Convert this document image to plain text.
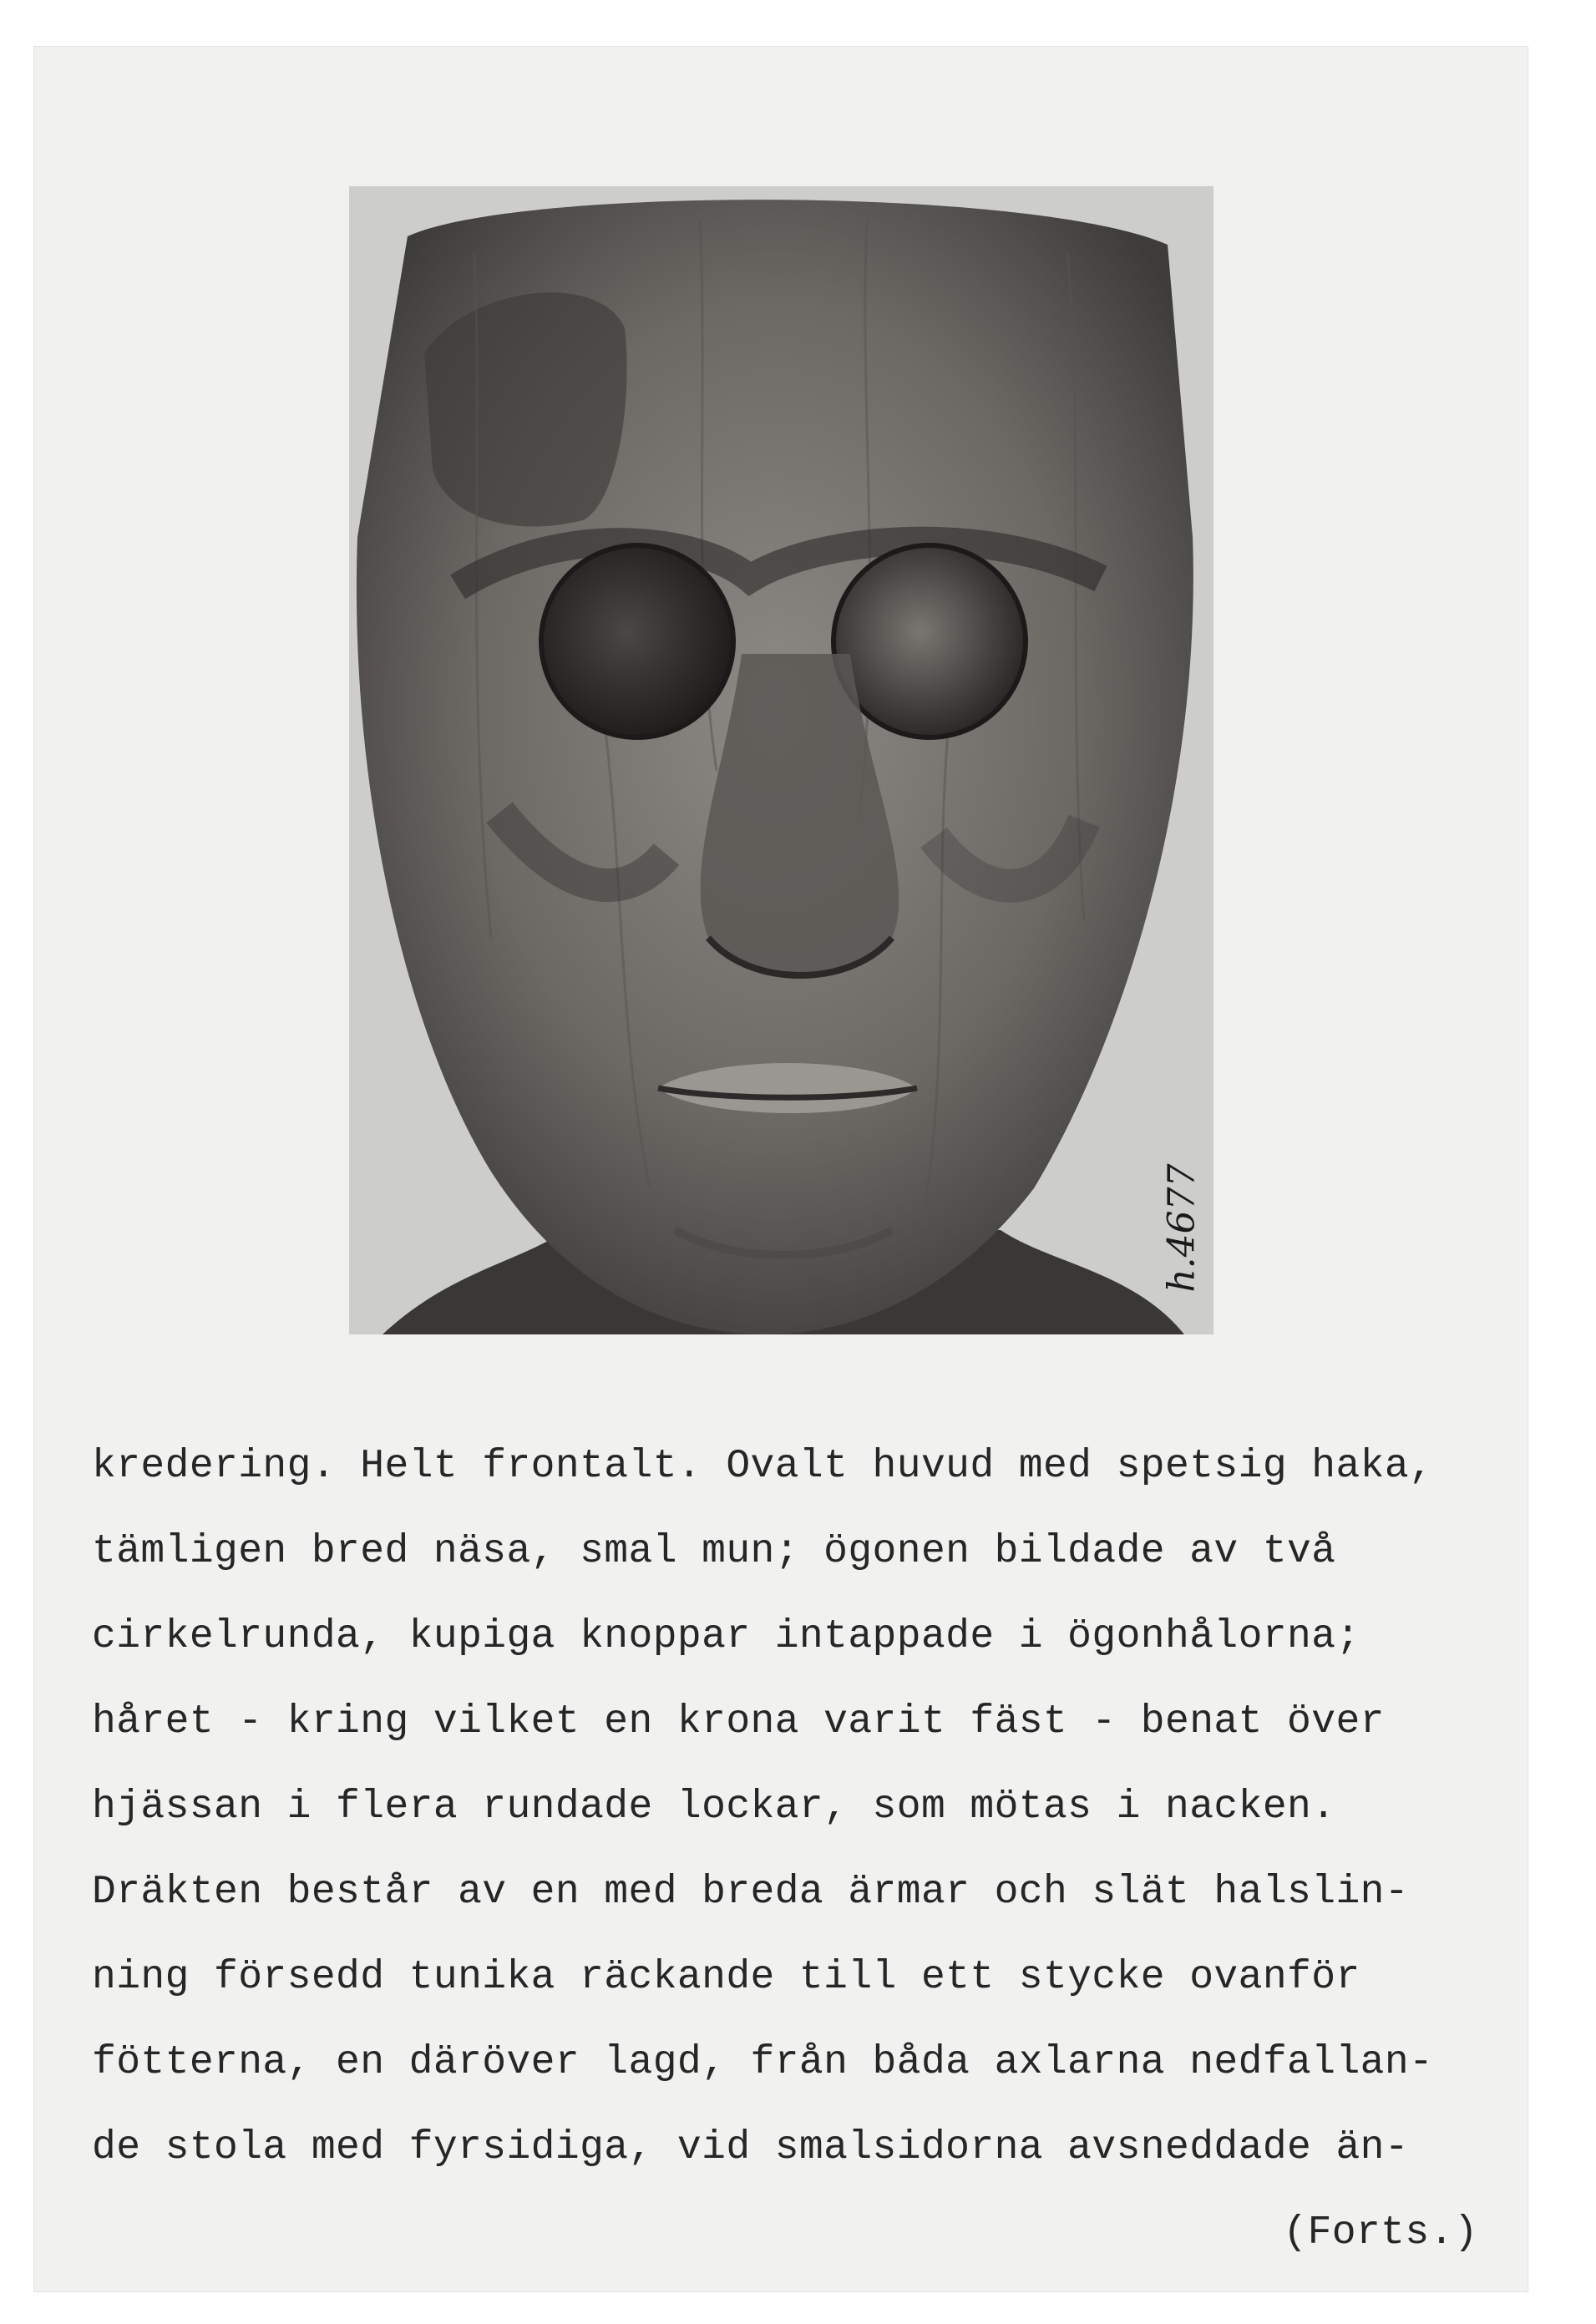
h.4677
kredering. Helt frontalt. Ovalt huvud med spetsig haka,
tämligen bred näsa, smal mun; ögonen bildade av två
cirkelrunda, kupiga knoppar intappade i ögonhålorna;
håret - kring vilket en krona varit fäst - benat över
hjässan i flera rundade lockar, som mötas i nacken.
Dräkten består av en med breda ärmar och slät halslin-
ning försedd tunika räckande till ett stycke ovanför
fötterna, en däröver lagd, från båda axlarna nedfallan-
de stola med fyrsidiga, vid smalsidorna avsneddade än-
(Forts.)
